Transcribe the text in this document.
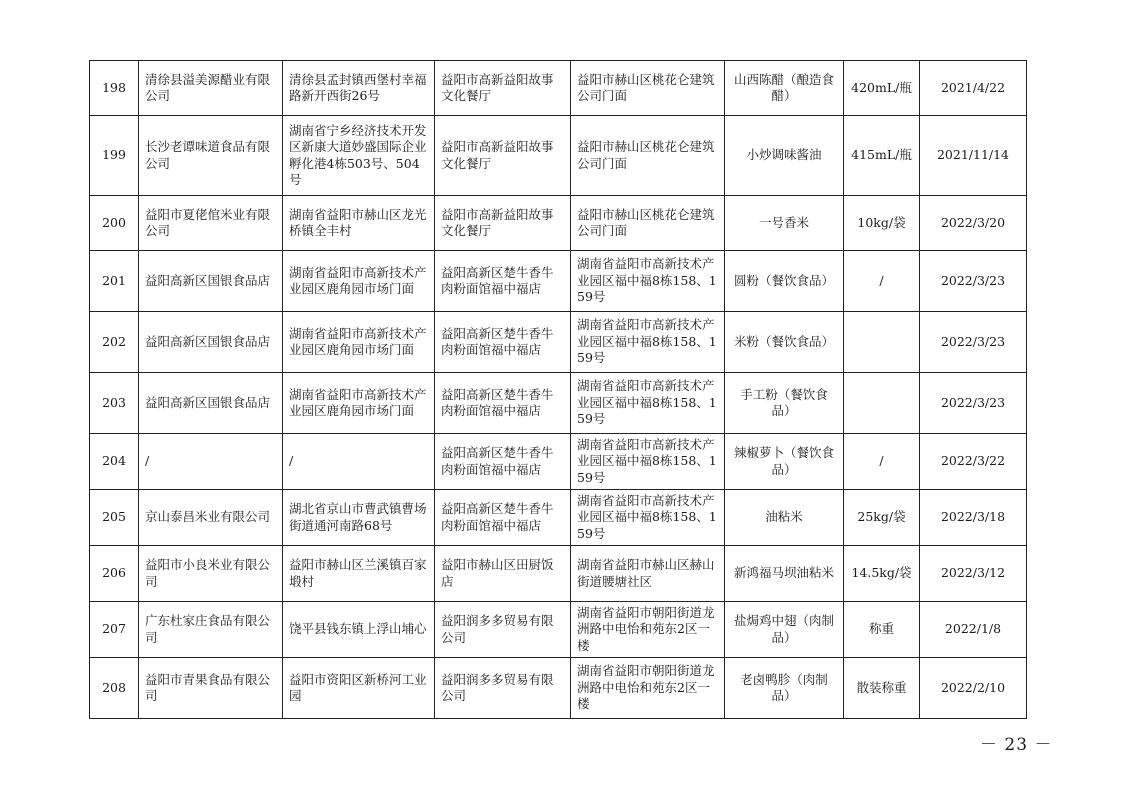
198	清徐县溢美源醋业有限公司	清徐县孟封镇西堡村幸福路新开西街26号	益阳市高新益阳故事文化餐厅	益阳市赫山区桃花仑建筑公司门面	山西陈醋（酿造食醋）	420mL/瓶	2021/4/22
199	长沙老谭味道食品有限公司	湖南省宁乡经济技术开发区新康大道妙盛国际企业孵化港4栋503号、504号	益阳市高新益阳故事文化餐厅	益阳市赫山区桃花仑建筑公司门面	小炒调味酱油	415mL/瓶	2021/11/14
200	益阳市夏佬倌米业有限公司	湖南省益阳市赫山区龙光桥镇全丰村	益阳市高新益阳故事文化餐厅	益阳市赫山区桃花仑建筑公司门面	一号香米	10kg/袋	2022/3/20
201	益阳高新区国银食品店	湖南省益阳市高新技术产业园区鹿角园市场门面	益阳高新区楚牛香牛肉粉面馆福中福店	湖南省益阳市高新技术产业园区福中福8栋158、159号	圆粉（餐饮食品）	/	2022/3/23
202	益阳高新区国银食品店	湖南省益阳市高新技术产业园区鹿角园市场门面	益阳高新区楚牛香牛肉粉面馆福中福店	湖南省益阳市高新技术产业园区福中福8栋158、159号	米粉（餐饮食品）		2022/3/23
203	益阳高新区国银食品店	湖南省益阳市高新技术产业园区鹿角园市场门面	益阳高新区楚牛香牛肉粉面馆福中福店	湖南省益阳市高新技术产业园区福中福8栋158、159号	手工粉（餐饮食品）		2022/3/23
204	/	/	益阳高新区楚牛香牛肉粉面馆福中福店	湖南省益阳市高新技术产业园区福中福8栋158、159号	辣椒萝卜（餐饮食品）	/	2022/3/22
205	京山泰昌米业有限公司	湖北省京山市曹武镇曹场街道通河南路68号	益阳高新区楚牛香牛肉粉面馆福中福店	湖南省益阳市高新技术产业园区福中福8栋158、159号	油粘米	25kg/袋	2022/3/18
206	益阳市小良米业有限公司	益阳市赫山区兰溪镇百家塅村	益阳市赫山区田厨饭店	湖南省益阳市赫山区赫山街道腰塘社区	新鸿福马坝油粘米	14.5kg/袋	2022/3/12
207	广东杜家庄食品有限公司	饶平县钱东镇上浮山埔心	益阳润多多贸易有限公司	湖南省益阳市朝阳街道龙洲路中电怡和苑东2区一楼	盐焗鸡中翅（肉制品）	称重	2022/1/8
208	益阳市青果食品有限公司	益阳市资阳区新桥河工业园	益阳润多多贸易有限公司	湖南省益阳市朝阳街道龙洲路中电怡和苑东2区一楼	老卤鸭胗（肉制品）	散装称重	2022/2/10
－ 23 －
